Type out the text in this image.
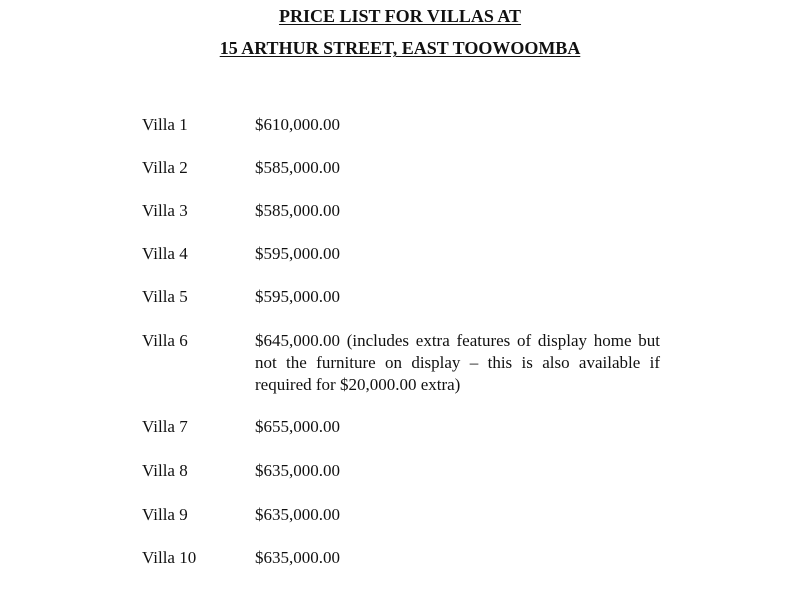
PRICE LIST FOR VILLAS AT
15 ARTHUR STREET, EAST TOOWOOMBA
Villa 1	$610,000.00
Villa 2	$585,000.00
Villa 3	$585,000.00
Villa 4	$595,000.00
Villa 5	$595,000.00
Villa 6	$645,000.00 (includes extra features of display home but not the furniture on display – this is also available if required for $20,000.00 extra)
Villa 7	$655,000.00
Villa 8	$635,000.00
Villa 9	$635,000.00
Villa 10	$635,000.00
